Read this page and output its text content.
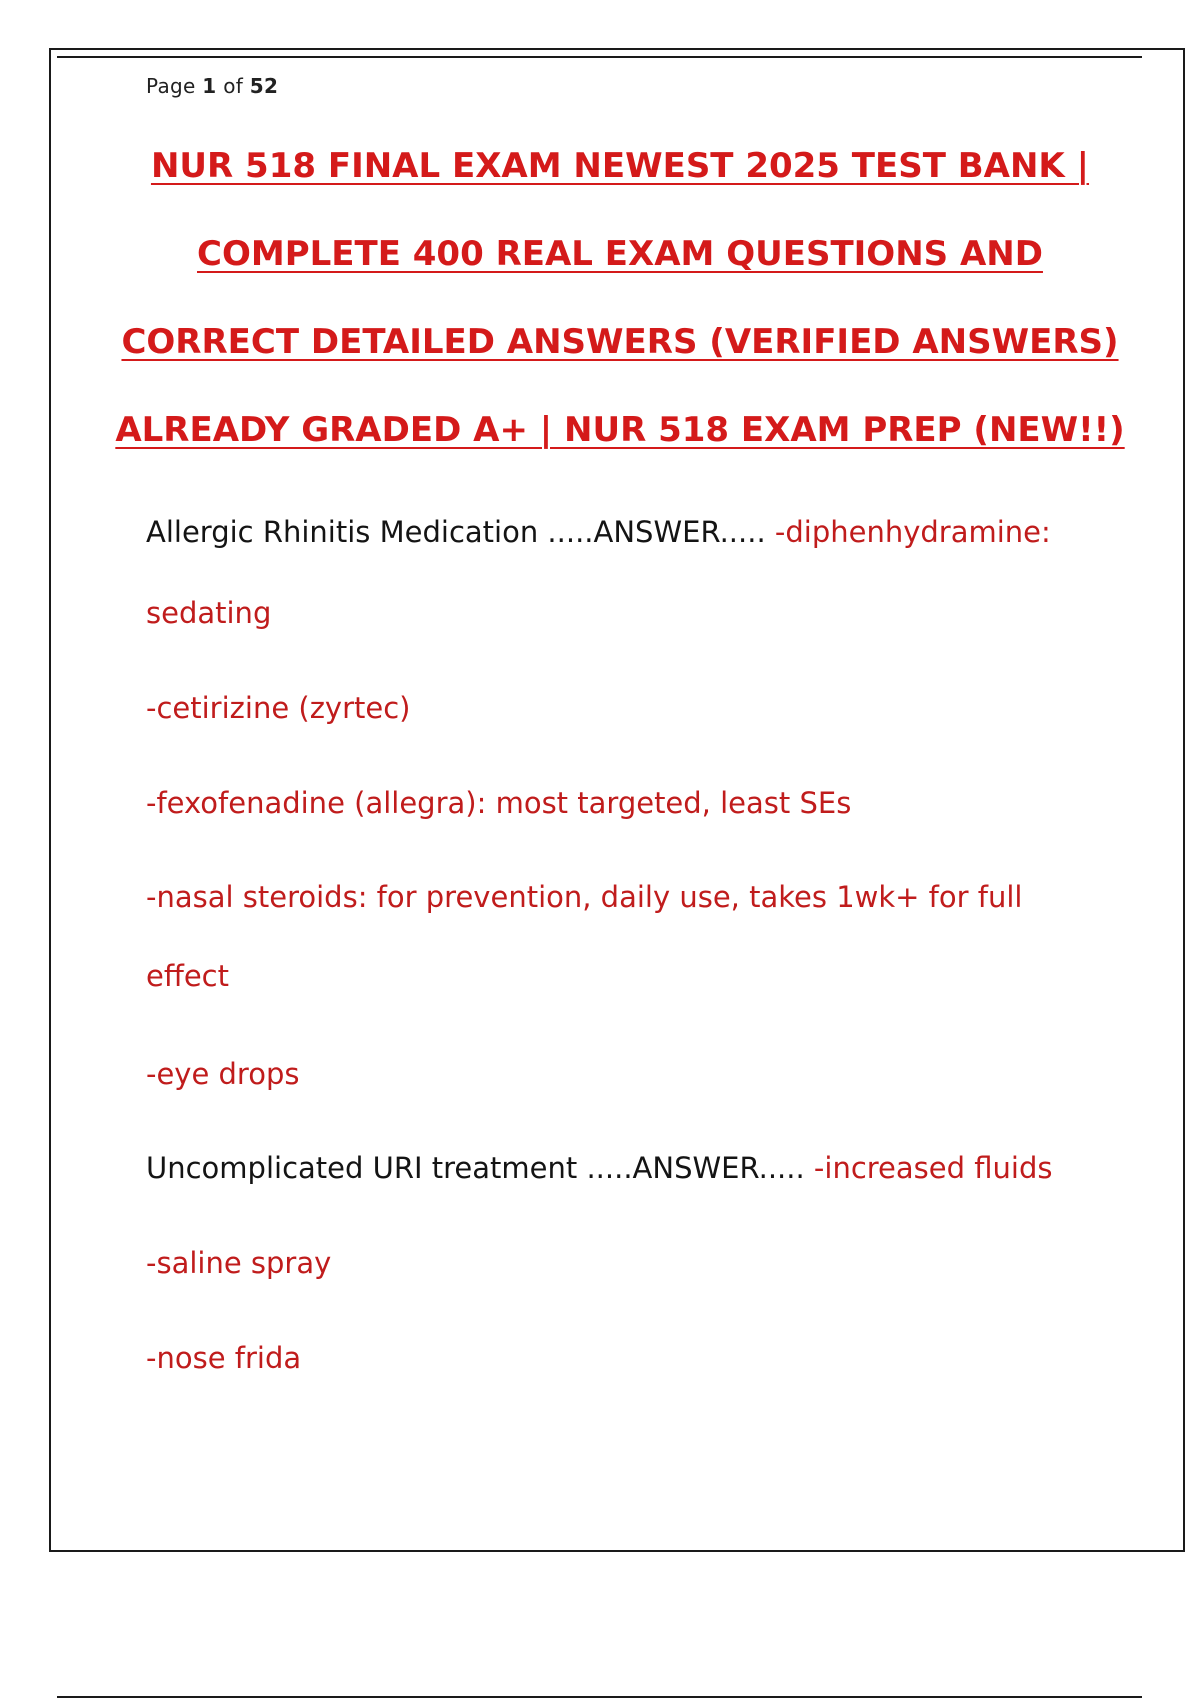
Page 1 of 52
NUR 518 FINAL EXAM NEWEST 2025 TEST BANK |
COMPLETE 400 REAL EXAM QUESTIONS AND
CORRECT DETAILED ANSWERS (VERIFIED ANSWERS)
ALREADY GRADED A+ | NUR 518 EXAM PREP (NEW!!)
Allergic Rhinitis Medication .....ANSWER..... -diphenhydramine:
sedating
-cetirizine (zyrtec)
-fexofenadine (allegra): most targeted, least SEs
-nasal steroids: for prevention, daily use, takes 1wk+ for full
effect
-eye drops
Uncomplicated URI treatment .....ANSWER..... -increased fluids
-saline spray
-nose frida
